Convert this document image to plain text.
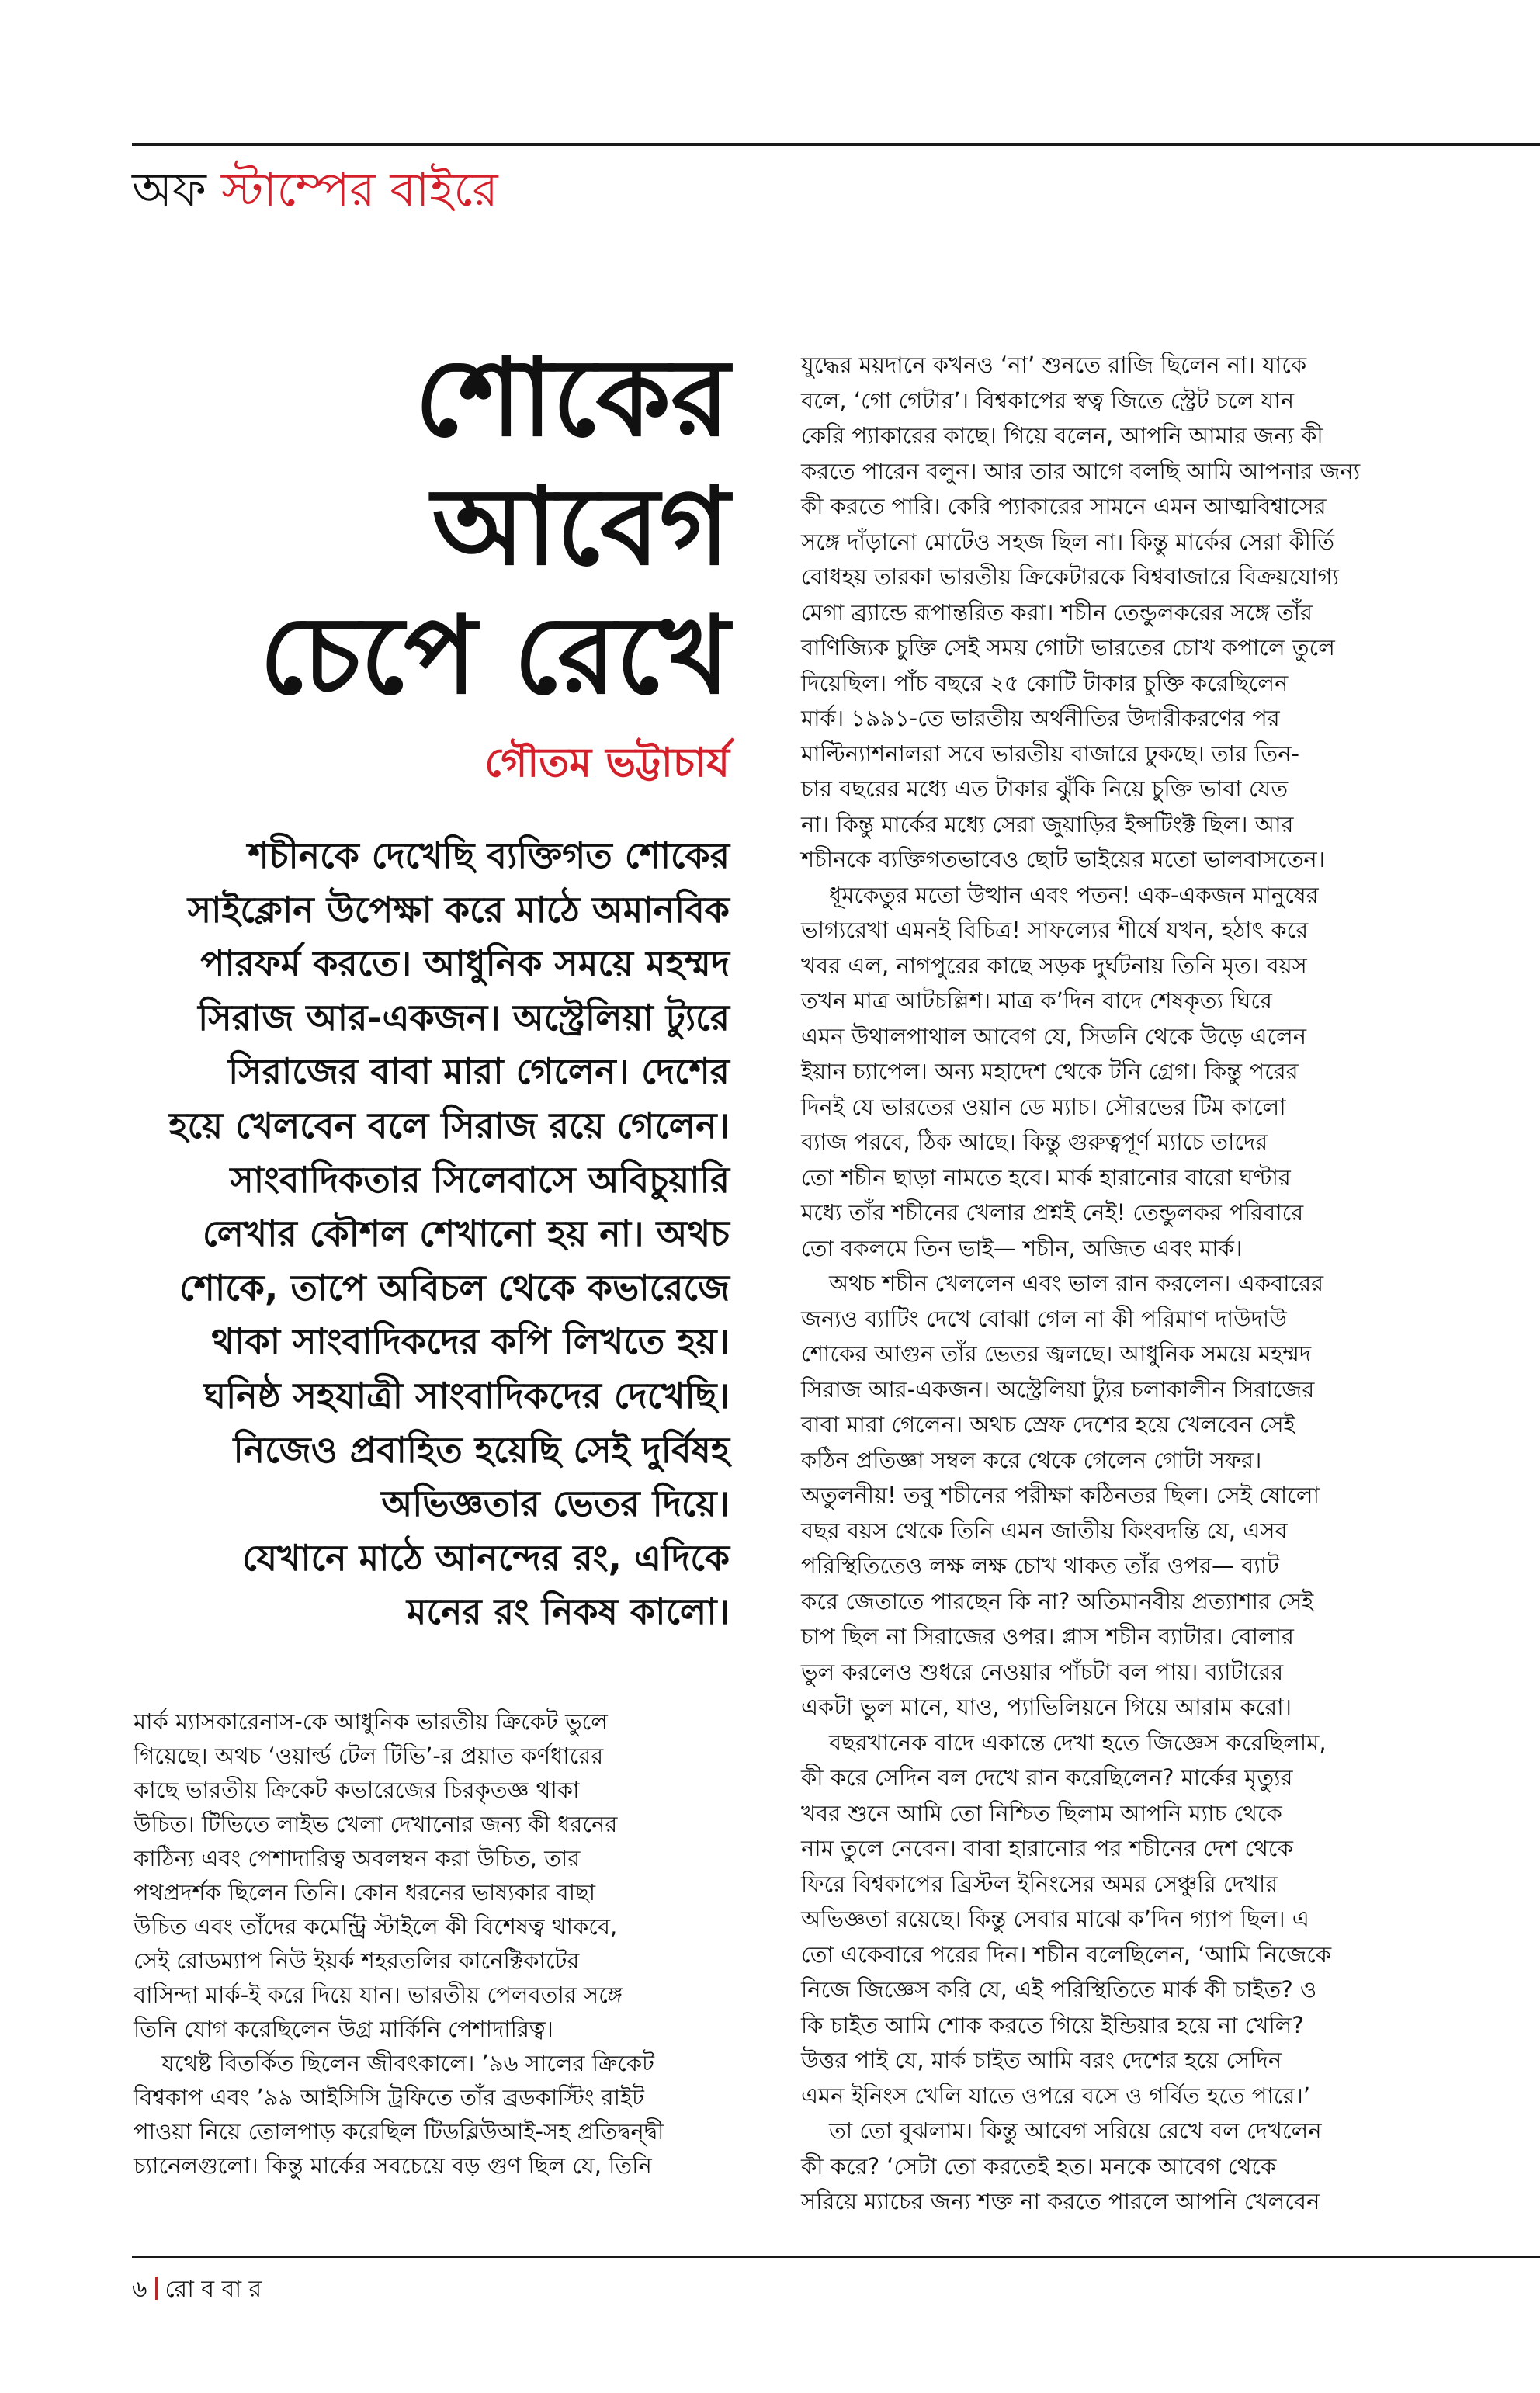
অফ স্টাম্পের বাইরে
শোকের
আবেগ
চেপে রেখে
গৌতম ভট্টাচার্য
শচীনকে দেখেছি ব্যক্তিগত শোকের
সাইক্লোন উপেক্ষা করে মাঠে অমানবিক
পারফর্ম করতে। আধুনিক সময়ে মহম্মদ
সিরাজ আর-একজন। অস্ট্রেলিয়া ট্যুরে
সিরাজের বাবা মারা গেলেন। দেশের
হয়ে খেলবেন বলে সিরাজ রয়ে গেলেন।
সাংবাদিকতার সিলেবাসে অবিচুয়ারি
লেখার কৌশল শেখানো হয় না। অথচ
শোকে, তাপে অবিচল থেকে কভারেজে
থাকা সাংবাদিকদের কপি লিখতে হয়।
ঘনিষ্ঠ সহযাত্রী সাংবাদিকদের দেখেছি।
নিজেও প্রবাহিত হয়েছি সেই দুর্বিষহ
অভিজ্ঞতার ভেতর দিয়ে।
যেখানে মাঠে আনন্দের রং, এদিকে
মনের রং নিকষ কালো।
মার্ক ম্যাসকারেনাস-কে আধুনিক ভারতীয় ক্রিকেট ভুলে
গিয়েছে। অথচ ‘ওয়ার্ল্ড টেল টিভি’-র প্রয়াত কর্ণধারের
কাছে ভারতীয় ক্রিকেট কভারেজের চিরকৃতজ্ঞ থাকা
উচিত। টিভিতে লাইভ খেলা দেখানোর জন্য কী ধরনের
কাঠিন্য এবং পেশাদারিত্ব অবলম্বন করা উচিত, তার
পথপ্রদর্শক ছিলেন তিনি। কোন ধরনের ভাষ্যকার বাছা
উচিত এবং তাঁদের কমেন্ট্রি স্টাইলে কী বিশেষত্ব থাকবে,
সেই রোডম্যাপ নিউ ইয়র্ক শহরতলির কানেক্টিকাটের
বাসিন্দা মার্ক-ই করে দিয়ে যান। ভারতীয় পেলবতার সঙ্গে
তিনি যোগ করেছিলেন উগ্র মার্কিনি পেশাদারিত্ব।
যথেষ্ট বিতর্কিত ছিলেন জীবৎকালে। ’৯৬ সালের ক্রিকেট
বিশ্বকাপ এবং ’৯৯ আইসিসি ট্রফিতে তাঁর ব্রডকাস্টিং রাইট
পাওয়া নিয়ে তোলপাড় করেছিল টিডব্লিউআই-সহ প্রতিদ্বন্দ্বী
চ্যানেলগুলো। কিন্তু মার্কের সবচেয়ে বড় গুণ ছিল যে, তিনি
যুদ্ধের ময়দানে কখনও ‘না’ শুনতে রাজি ছিলেন না। যাকে
বলে, ‘গো গেটার’। বিশ্বকাপের স্বত্ব জিতে স্ট্রেট চলে যান
কেরি প্যাকারের কাছে। গিয়ে বলেন, আপনি আমার জন্য কী
করতে পারেন বলুন। আর তার আগে বলছি আমি আপনার জন্য
কী করতে পারি। কেরি প্যাকারের সামনে এমন আত্মবিশ্বাসের
সঙ্গে দাঁড়ানো মোটেও সহজ ছিল না। কিন্তু মার্কের সেরা কীর্তি
বোধহয় তারকা ভারতীয় ক্রিকেটারকে বিশ্ববাজারে বিক্রয়যোগ্য
মেগা ব্র্যান্ডে রূপান্তরিত করা। শচীন তেন্ডুলকরের সঙ্গে তাঁর
বাণিজ্যিক চুক্তি সেই সময় গোটা ভারতের চোখ কপালে তুলে
দিয়েছিল। পাঁচ বছরে ২৫ কোটি টাকার চুক্তি করেছিলেন
মার্ক। ১৯৯১-তে ভারতীয় অর্থনীতির উদারীকরণের পর
মাল্টিন্যাশনালরা সবে ভারতীয় বাজারে ঢুকছে। তার তিন-
চার বছরের মধ্যে এত টাকার ঝুঁকি নিয়ে চুক্তি ভাবা যেত
না। কিন্তু মার্কের মধ্যে সেরা জুয়াড়ির ইন্সটিংক্ট ছিল। আর
শচীনকে ব্যক্তিগতভাবেও ছোট ভাইয়ের মতো ভালবাসতেন।
ধূমকেতুর মতো উত্থান এবং পতন! এক-একজন মানুষের
ভাগ্যরেখা এমনই বিচিত্র! সাফল্যের শীর্ষে যখন, হঠাৎ করে
খবর এল, নাগপুরের কাছে সড়ক দুর্ঘটনায় তিনি মৃত। বয়স
তখন মাত্র আটচল্লিশ। মাত্র ক’দিন বাদে শেষকৃত্য ঘিরে
এমন উথালপাথাল আবেগ যে, সিডনি থেকে উড়ে এলেন
ইয়ান চ্যাপেল। অন্য মহাদেশ থেকে টনি গ্রেগ। কিন্তু পরের
দিনই যে ভারতের ওয়ান ডে ম্যাচ। সৌরভের টিম কালো
ব্যাজ পরবে, ঠিক আছে। কিন্তু গুরুত্বপূর্ণ ম্যাচে তাদের
তো শচীন ছাড়া নামতে হবে। মার্ক হারানোর বারো ঘণ্টার
মধ্যে তাঁর শচীনের খেলার প্রশ্নই নেই! তেন্ডুলকর পরিবারে
তো বকলমে তিন ভাই— শচীন, অজিত এবং মার্ক।
অথচ শচীন খেললেন এবং ভাল রান করলেন। একবারের
জন্যও ব্যাটিং দেখে বোঝা গেল না কী পরিমাণ দাউদাউ
শোকের আগুন তাঁর ভেতর জ্বলছে। আধুনিক সময়ে মহম্মদ
সিরাজ আর-একজন। অস্ট্রেলিয়া ট্যুর চলাকালীন সিরাজের
বাবা মারা গেলেন। অথচ স্রেফ দেশের হয়ে খেলবেন সেই
কঠিন প্রতিজ্ঞা সম্বল করে থেকে গেলেন গোটা সফর।
অতুলনীয়! তবু শচীনের পরীক্ষা কঠিনতর ছিল। সেই ষোলো
বছর বয়স থেকে তিনি এমন জাতীয় কিংবদন্তি যে, এসব
পরিস্থিতিতেও লক্ষ লক্ষ চোখ থাকত তাঁর ওপর— ব্যাট
করে জেতাতে পারছেন কি না? অতিমানবীয় প্রত্যাশার সেই
চাপ ছিল না সিরাজের ওপর। প্লাস শচীন ব্যাটার। বোলার
ভুল করলেও শুধরে নেওয়ার পাঁচটা বল পায়। ব্যাটারের
একটা ভুল মানে, যাও, প্যাভিলিয়নে গিয়ে আরাম করো।
বছরখানেক বাদে একান্তে দেখা হতে জিজ্ঞেস করেছিলাম,
কী করে সেদিন বল দেখে রান করেছিলেন? মার্কের মৃত্যুর
খবর শুনে আমি তো নিশ্চিত ছিলাম আপনি ম্যাচ থেকে
নাম তুলে নেবেন। বাবা হারানোর পর শচীনের দেশ থেকে
ফিরে বিশ্বকাপের ব্রিস্টল ইনিংসের অমর সেঞ্চুরি দেখার
অভিজ্ঞতা রয়েছে। কিন্তু সেবার মাঝে ক’দিন গ্যাপ ছিল। এ
তো একেবারে পরের দিন। শচীন বলেছিলেন, ‘আমি নিজেকে
নিজে জিজ্ঞেস করি যে, এই পরিস্থিতিতে মার্ক কী চাইত? ও
কি চাইত আমি শোক করতে গিয়ে ইন্ডিয়ার হয়ে না খেলি?
উত্তর পাই যে, মার্ক চাইত আমি বরং দেশের হয়ে সেদিন
এমন ইনিংস খেলি যাতে ওপরে বসে ও গর্বিত হতে পারে।’
তা তো বুঝলাম। কিন্তু আবেগ সরিয়ে রেখে বল দেখলেন
কী করে? ‘সেটা তো করতেই হত। মনকে আবেগ থেকে
সরিয়ে ম্যাচের জন্য শক্ত না করতে পারলে আপনি খেলবেন
৬ রো ব বা র
